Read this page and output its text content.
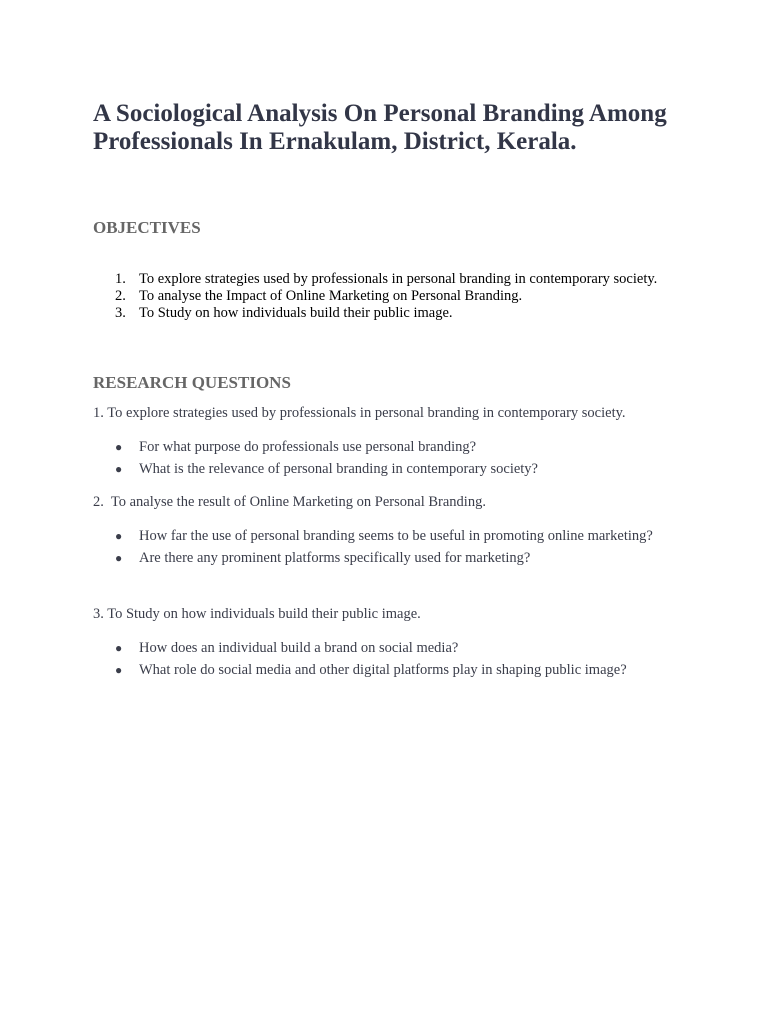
A Sociological Analysis On Personal Branding Among Professionals In Ernakulam, District, Kerala.
OBJECTIVES
1. To explore strategies used by professionals in personal branding in contemporary society.
2. To analyse the Impact of Online Marketing on Personal Branding.
3. To Study on how individuals build their public image.
RESEARCH QUESTIONS

1. To explore strategies used by professionals in personal branding in contemporary society.

● For what purpose do professionals use personal branding?
● What is the relevance of personal branding in contemporary society?

2.  To analyse the result of Online Marketing on Personal Branding.

● How far the use of personal branding seems to be useful in promoting online marketing?
● Are there any prominent platforms specifically used for marketing?

3. To Study on how individuals build their public image.

● How does an individual build a brand on social media?
● What role do social media and other digital platforms play in shaping public image?
